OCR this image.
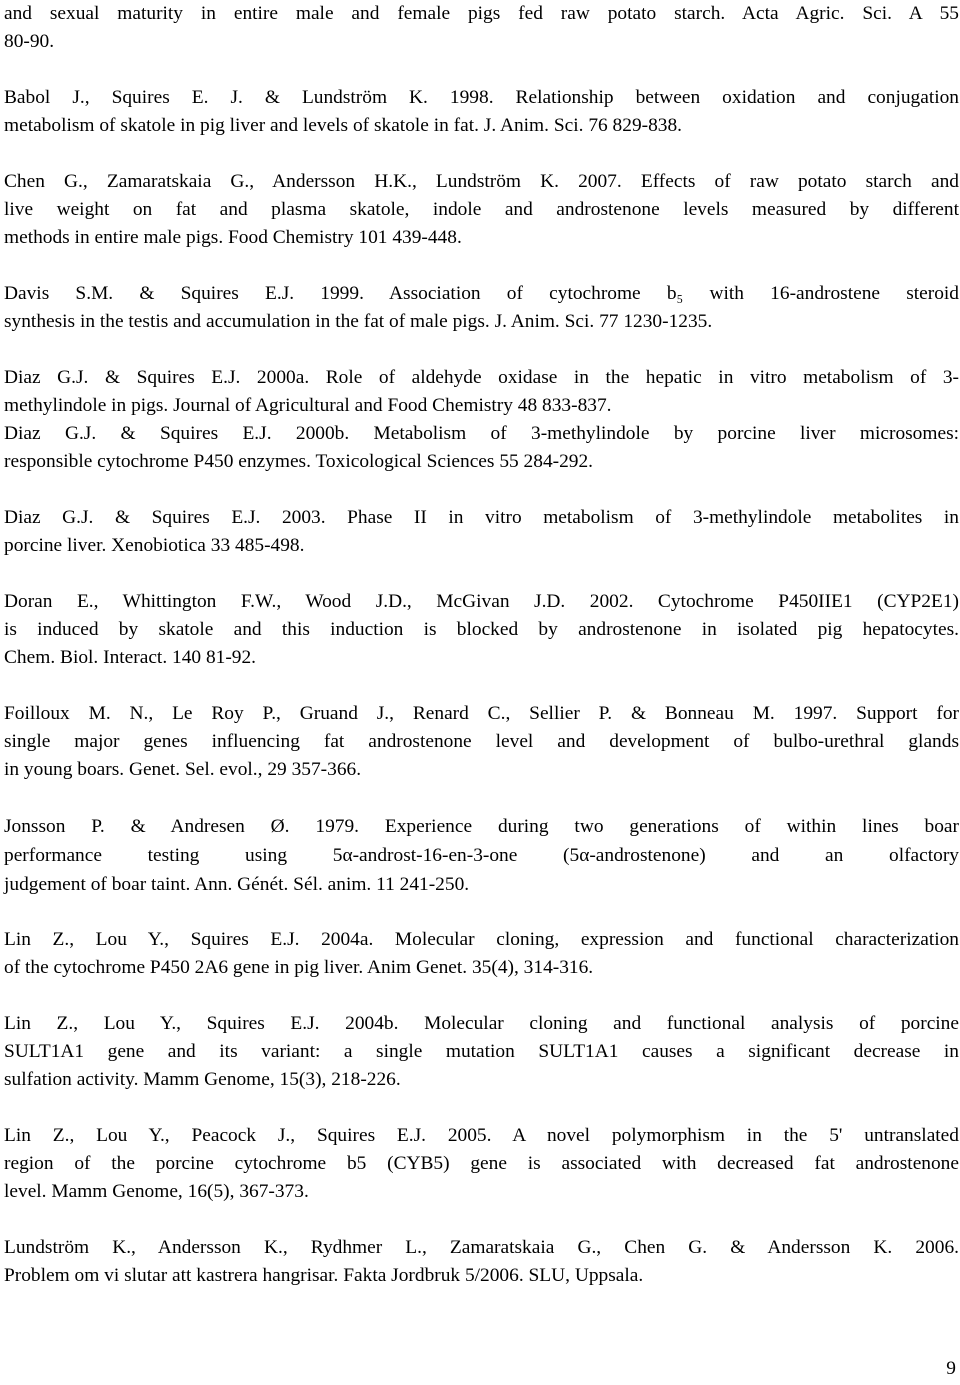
and sexual maturity in entire male and female pigs fed raw potato starch. Acta Agric. Sci. A 55
80-90.
Babol J., Squires E. J. & Lundström K. 1998. Relationship between oxidation and conjugation
metabolism of skatole in pig liver and levels of skatole in fat. J. Anim. Sci. 76 829-838.
Chen G., Zamaratskaia G., Andersson H.K., Lundström K. 2007. Effects of raw potato starch and
live weight on fat and plasma skatole, indole and androstenone levels measured by different
methods in entire male pigs. Food Chemistry 101 439-448.
Davis S.M. & Squires E.J. 1999. Association of cytochrome b₅ with 16-androstene steroid
synthesis in the testis and accumulation in the fat of male pigs. J. Anim. Sci. 77 1230-1235.
Diaz G.J. & Squires E.J. 2000a. Role of aldehyde oxidase in the hepatic in vitro metabolism of 3-
methylindole in pigs. Journal of Agricultural and Food Chemistry 48 833-837.
Diaz G.J. & Squires E.J. 2000b. Metabolism of 3-methylindole by porcine liver microsomes:
responsible cytochrome P450 enzymes. Toxicological Sciences 55 284-292.
Diaz G.J. & Squires E.J. 2003. Phase II in vitro metabolism of 3-methylindole metabolites in
porcine liver. Xenobiotica 33 485-498.
Doran E., Whittington F.W., Wood J.D., McGivan J.D. 2002. Cytochrome P450IIE1 (CYP2E1)
is induced by skatole and this induction is blocked by androstenone in isolated pig hepatocytes.
Chem. Biol. Interact. 140 81-92.
Foilloux M. N., Le Roy P., Gruand J., Renard C., Sellier P. & Bonneau M. 1997. Support for
single major genes influencing fat androstenone level and development of bulbo-urethral glands
in young boars. Genet. Sel. evol., 29 357-366.
Jonsson P. & Andresen Ø. 1979. Experience during two generations of within lines boar
performance testing using 5α-androst-16-en-3-one (5α-androstenone) and an olfactory
judgement of boar taint. Ann. Génét. Sél. anim. 11 241-250.
Lin Z., Lou Y., Squires E.J. 2004a. Molecular cloning, expression and functional characterization
of the cytochrome P450 2A6 gene in pig liver. Anim Genet. 35(4), 314-316.
Lin Z., Lou Y., Squires E.J. 2004b. Molecular cloning and functional analysis of porcine
SULT1A1 gene and its variant: a single mutation SULT1A1 causes a significant decrease in
sulfation activity. Mamm Genome, 15(3), 218-226.
Lin Z., Lou Y., Peacock J., Squires E.J. 2005. A novel polymorphism in the 5' untranslated
region of the porcine cytochrome b5 (CYB5) gene is associated with decreased fat androstenone
level. Mamm Genome, 16(5), 367-373.
Lundström K., Andersson K., Rydhmer L., Zamaratskaia G., Chen G. & Andersson K. 2006.
Problem om vi slutar att kastrera hangrisar. Fakta Jordbruk 5/2006. SLU, Uppsala.
9
